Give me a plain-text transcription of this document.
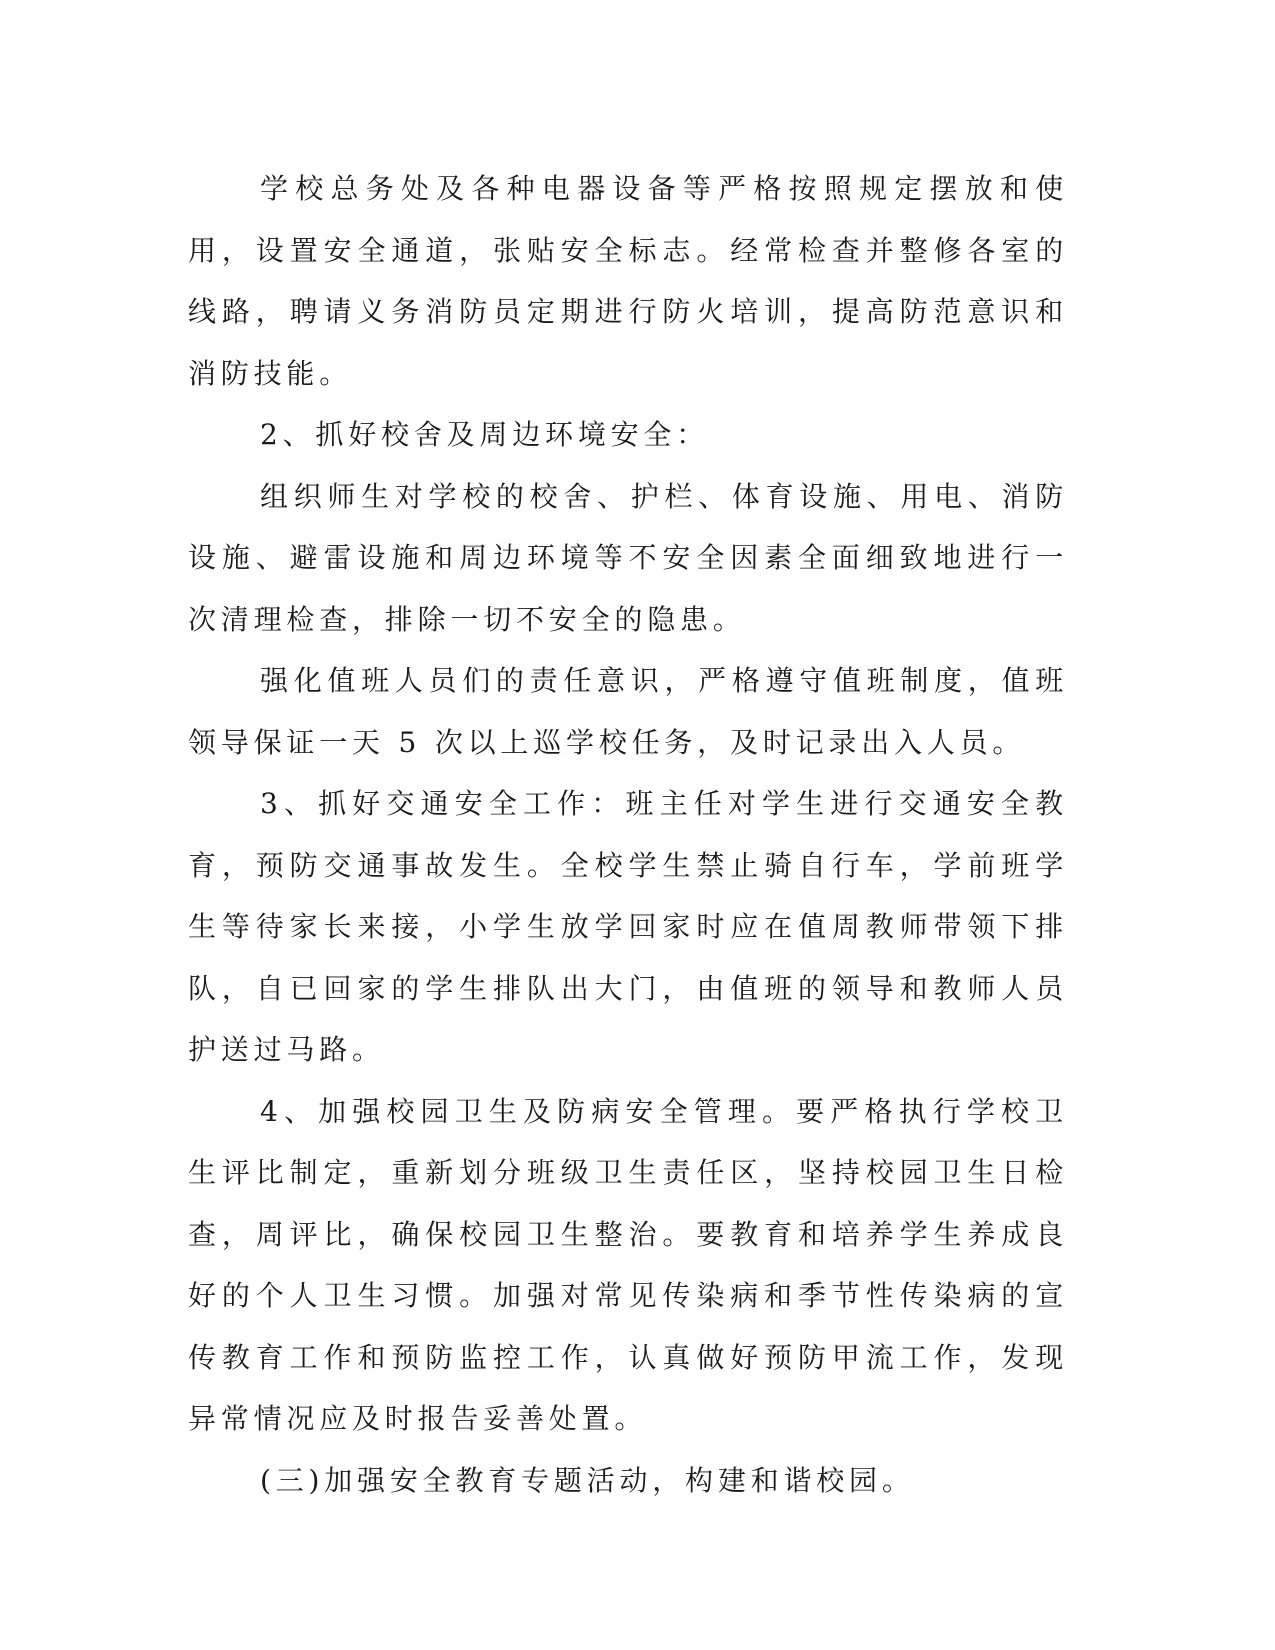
学校总务处及各种电器设备等严格按照规定摆放和使用，设置安全通道，张贴安全标志。经常检查并整修各室的线路，聘请义务消防员定期进行防火培训，提高防范意识和消防技能。

2、抓好校舍及周边环境安全：

组织师生对学校的校舍、护栏、体育设施、用电、消防设施、避雷设施和周边环境等不安全因素全面细致地进行一次清理检查，排除一切不安全的隐患。

强化值班人员们的责任意识，严格遵守值班制度，值班领导保证一天 5 次以上巡学校任务，及时记录出入人员。

3、抓好交通安全工作：班主任对学生进行交通安全教育，预防交通事故发生。全校学生禁止骑自行车，学前班学生等待家长来接，小学生放学回家时应在值周教师带领下排队，自已回家的学生排队出大门，由值班的领导和教师人员护送过马路。

4、加强校园卫生及防病安全管理。要严格执行学校卫生评比制定，重新划分班级卫生责任区，坚持校园卫生日检查，周评比，确保校园卫生整治。要教育和培养学生养成良好的个人卫生习惯。加强对常见传染病和季节性传染病的宣传教育工作和预防监控工作，认真做好预防甲流工作，发现异常情况应及时报告妥善处置。

(三)加强安全教育专题活动，构建和谐校园。
